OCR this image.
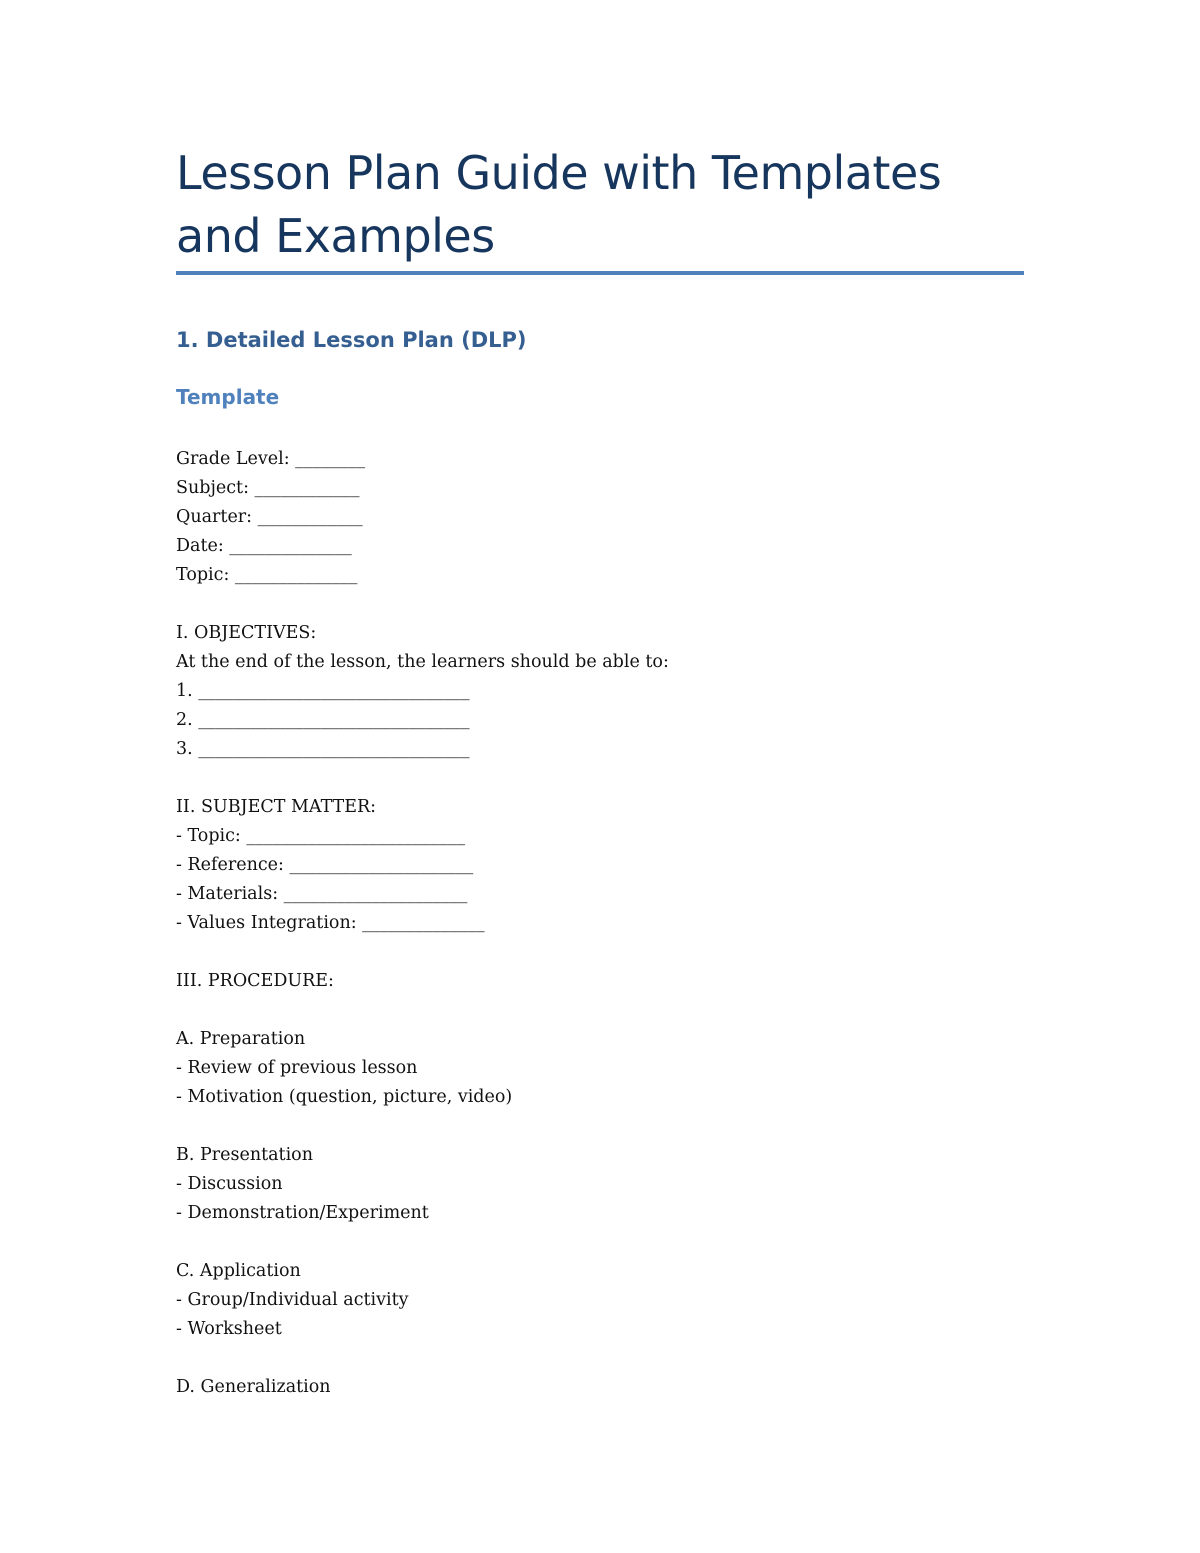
Lesson Plan Guide with Templates and Examples
1. Detailed Lesson Plan (DLP)
Template
Grade Level: ________
Subject: ____________
Quarter: ____________
Date: ______________
Topic: ______________
I. OBJECTIVES:
At the end of the lesson, the learners should be able to:
1. _______________________________
2. _______________________________
3. _______________________________
II. SUBJECT MATTER:
- Topic: _________________________
- Reference: _____________________
- Materials: _____________________
- Values Integration: ______________
III. PROCEDURE:
A. Preparation
- Review of previous lesson
- Motivation (question, picture, video)
B. Presentation
- Discussion
- Demonstration/Experiment
C. Application
- Group/Individual activity
- Worksheet
D. Generalization
